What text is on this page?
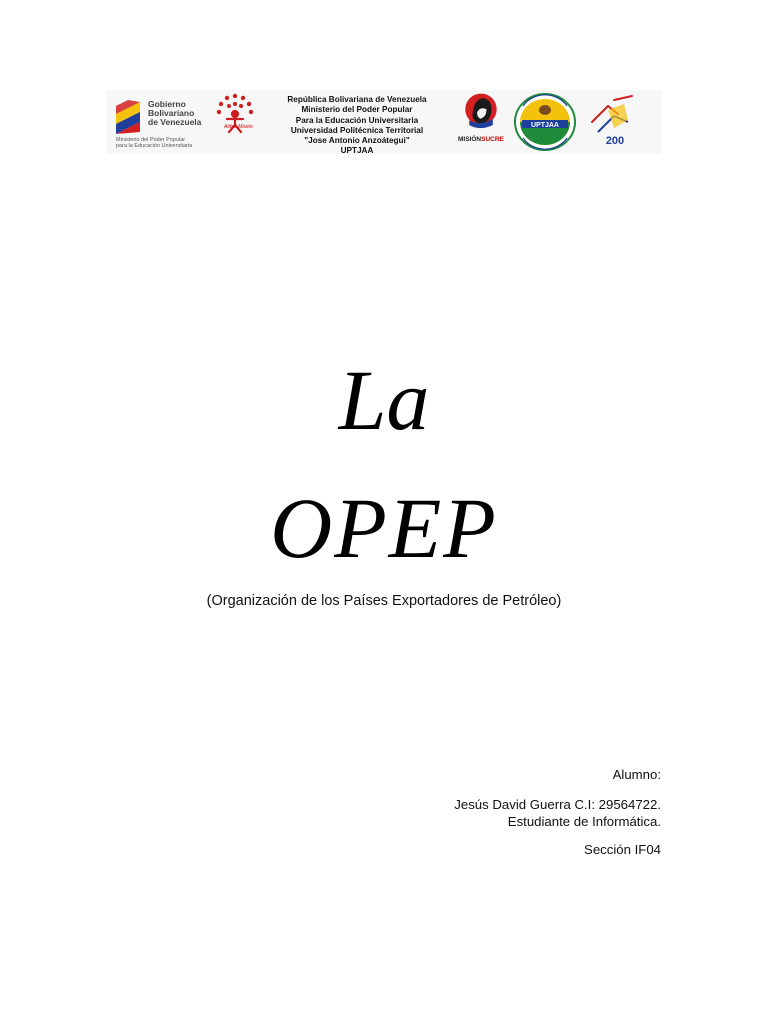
Gobierno
Bolivariano
de Venezuela
Ministerio del Poder Popular
para la Educación Universitaria
Aldea Misión
República Bolivariana de Venezuela
Ministerio del Poder Popular
Para la Educación Universitaria
Universidad Politécnica Territorial
"Jose Antonio Anzoátegui"
UPTJAA
MISIÓNSUCRE
UPTJAA
200
La
OPEP
(Organización de los Países Exportadores de Petróleo)
Alumno:
Jesús David Guerra C.I: 29564722.
Estudiante de Informática.
Sección IF04
